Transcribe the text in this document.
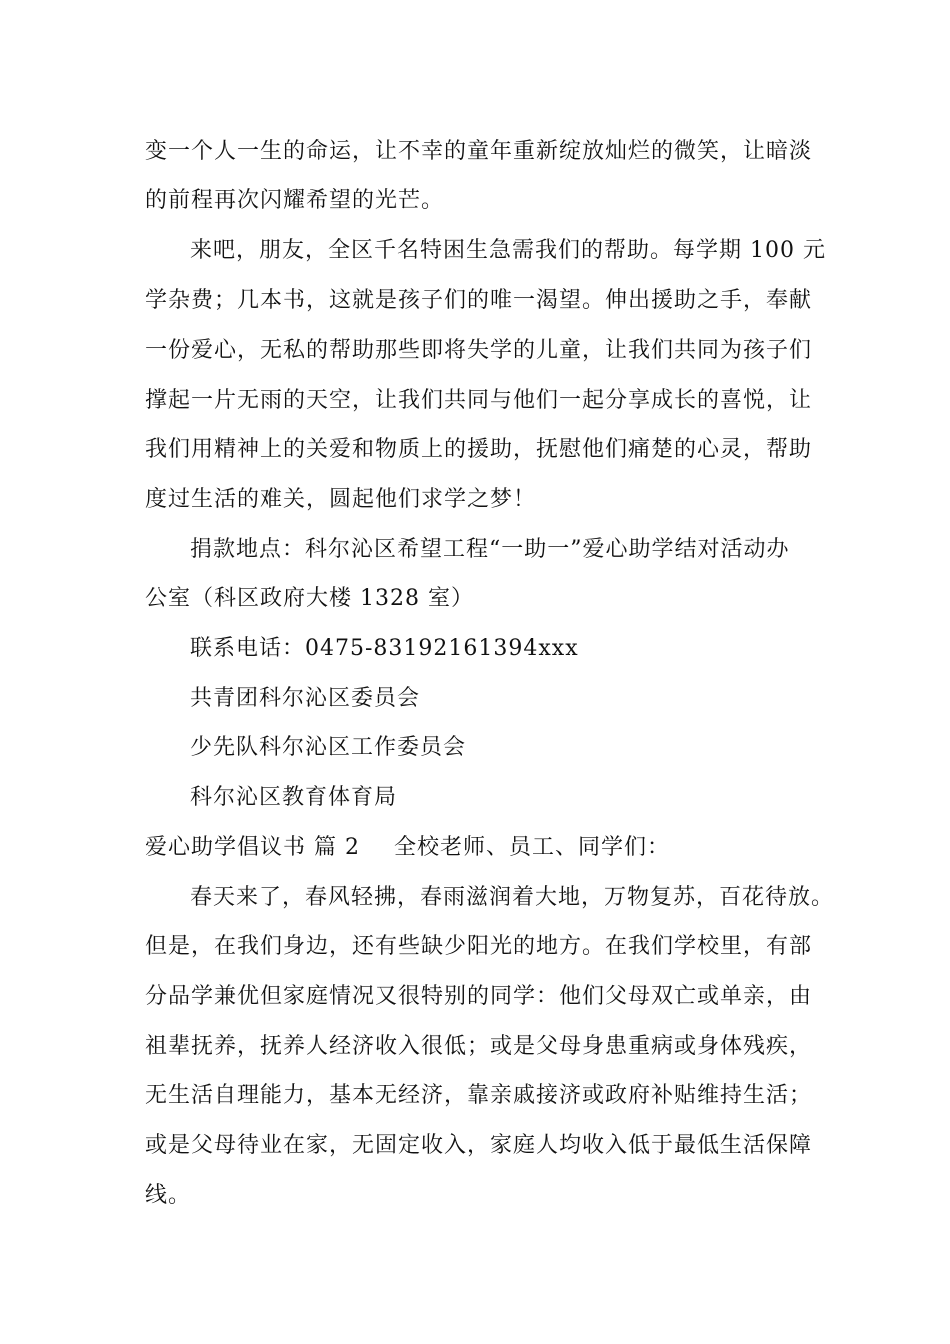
变一个人一生的命运，让不幸的童年重新绽放灿烂的微笑，让暗淡
的前程再次闪耀希望的光芒。
来吧，朋友，全区千名特困生急需我们的帮助。每学期 100 元
学杂费；几本书，这就是孩子们的唯一渴望。伸出援助之手，奉献
一份爱心，无私的帮助那些即将失学的儿童，让我们共同为孩子们
撑起一片无雨的天空，让我们共同与他们一起分享成长的喜悦，让
我们用精神上的关爱和物质上的援助，抚慰他们痛楚的心灵，帮助
度过生活的难关，圆起他们求学之梦！
捐款地点：科尔沁区希望工程“一助一”爱心助学结对活动办
公室（科区政府大楼 1328 室）
联系电话：0475-83192161394xxx
共青团科尔沁区委员会
少先队科尔沁区工作委员会
科尔沁区教育体育局
爱心助学倡议书 篇 2 全校老师、员工、同学们：
春天来了，春风轻拂，春雨滋润着大地，万物复苏，百花待放。
但是，在我们身边，还有些缺少阳光的地方。在我们学校里，有部
分品学兼优但家庭情况又很特别的同学：他们父母双亡或单亲，由
祖辈抚养，抚养人经济收入很低；或是父母身患重病或身体残疾，
无生活自理能力，基本无经济，靠亲戚接济或政府补贴维持生活；
或是父母待业在家，无固定收入，家庭人均收入低于最低生活保障
线。
